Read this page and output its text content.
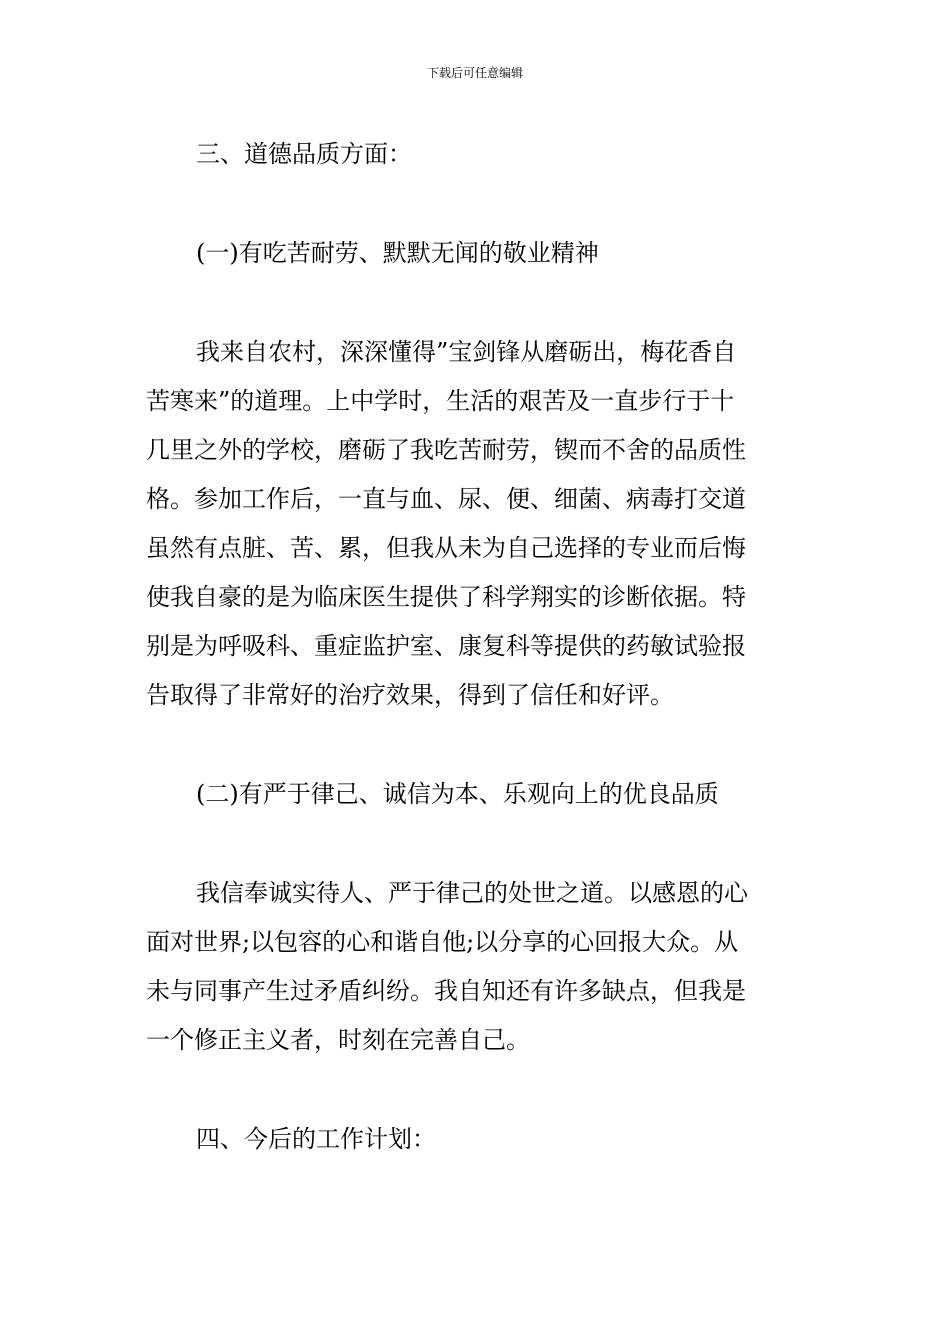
下载后可任意编辑
三、道德品质方面：
(一)有吃苦耐劳、默默无闻的敬业精神
我来自农村，深深懂得”宝剑锋从磨砺出，梅花香自
苦寒来”的道理。上中学时，生活的艰苦及一直步行于十
几里之外的学校，磨砺了我吃苦耐劳，锲而不舍的品质性
格。参加工作后，一直与血、尿、便、细菌、病毒打交道
虽然有点脏、苦、累，但我从未为自己选择的专业而后悔
使我自豪的是为临床医生提供了科学翔实的诊断依据。特
别是为呼吸科、重症监护室、康复科等提供的药敏试验报
告取得了非常好的治疗效果，得到了信任和好评。
(二)有严于律己、诚信为本、乐观向上的优良品质
我信奉诚实待人、严于律己的处世之道。以感恩的心
面对世界;以包容的心和谐自他;以分享的心回报大众。从
未与同事产生过矛盾纠纷。我自知还有许多缺点，但我是
一个修正主义者，时刻在完善自己。
四、今后的工作计划：
